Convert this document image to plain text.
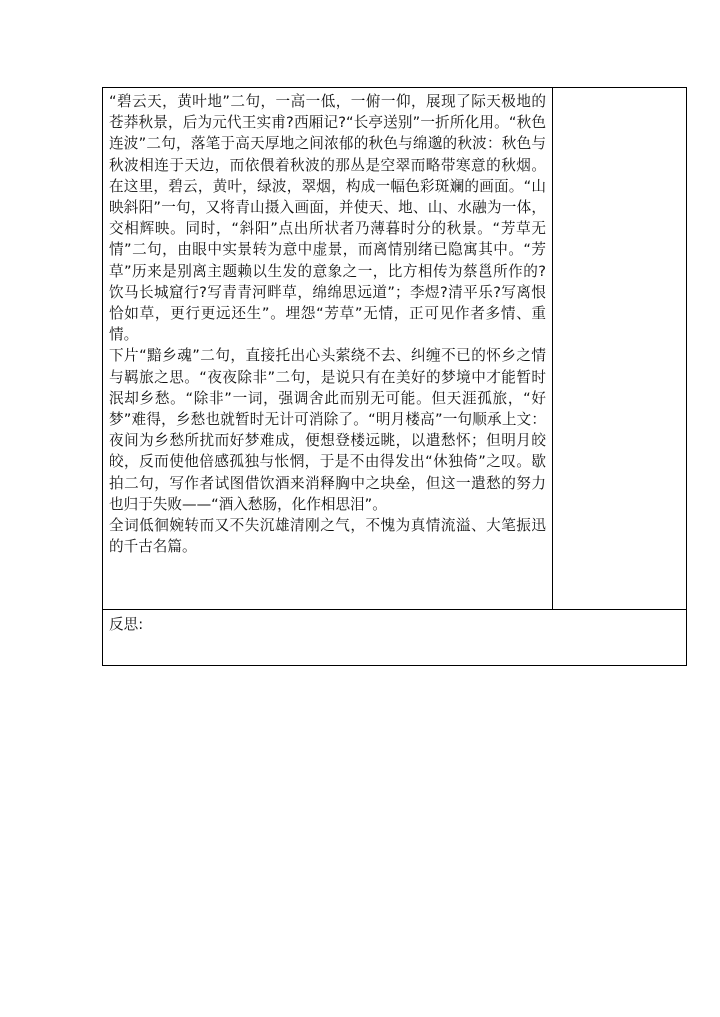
“碧云天，黄叶地”二句，一高一低，一俯一仰，展现了际天极地的苍莽秋景，后为元代王实甫?西厢记?“长亭送别”一折所化用。“秋色连波”二句，落笔于高天厚地之间浓郁的秋色与绵邈的秋波：秋色与秋波相连于天边，而依偎着秋波的那丛是空翠而略带寒意的秋烟。在这里，碧云，黄叶，绿波，翠烟，构成一幅色彩斑斓的画面。“山映斜阳”一句，又将青山摄入画面，并使天、地、山、水融为一体，交相辉映。同时，“斜阳”点出所状者乃薄暮时分的秋景。“芳草无情”二句，由眼中实景转为意中虚景，而离情别绪已隐寓其中。“芳草”历来是别离主题赖以生发的意象之一，比方相传为蔡邕所作的?饮马长城窟行?写青青河畔草，绵绵思远道”；李煜?清平乐?写离恨恰如草，更行更远还生”。埋怨“芳草”无情，正可见作者多情、重情。

下片“黯乡魂”二句，直接托出心头萦绕不去、纠缠不已的怀乡之情与羁旅之思。“夜夜除非”二句，是说只有在美好的梦境中才能暂时泯却乡愁。“除非”一词，强调舍此而别无可能。但天涯孤旅，“好梦”难得，乡愁也就暂时无计可消除了。“明月楼高”一句顺承上文：夜间为乡愁所扰而好梦难成，便想登楼远眺，以遣愁怀；但明月皎皎，反而使他倍感孤独与怅惘，于是不由得发出“休独倚”之叹。歇拍二句，写作者试图借饮酒来消释胸中之块垒，但这一遣愁的努力也归于失败——“酒入愁肠，化作相思泪”。

全词低徊婉转而又不失沉雄清刚之气，不愧为真情流溢、大笔振迅的千古名篇。

反思:
